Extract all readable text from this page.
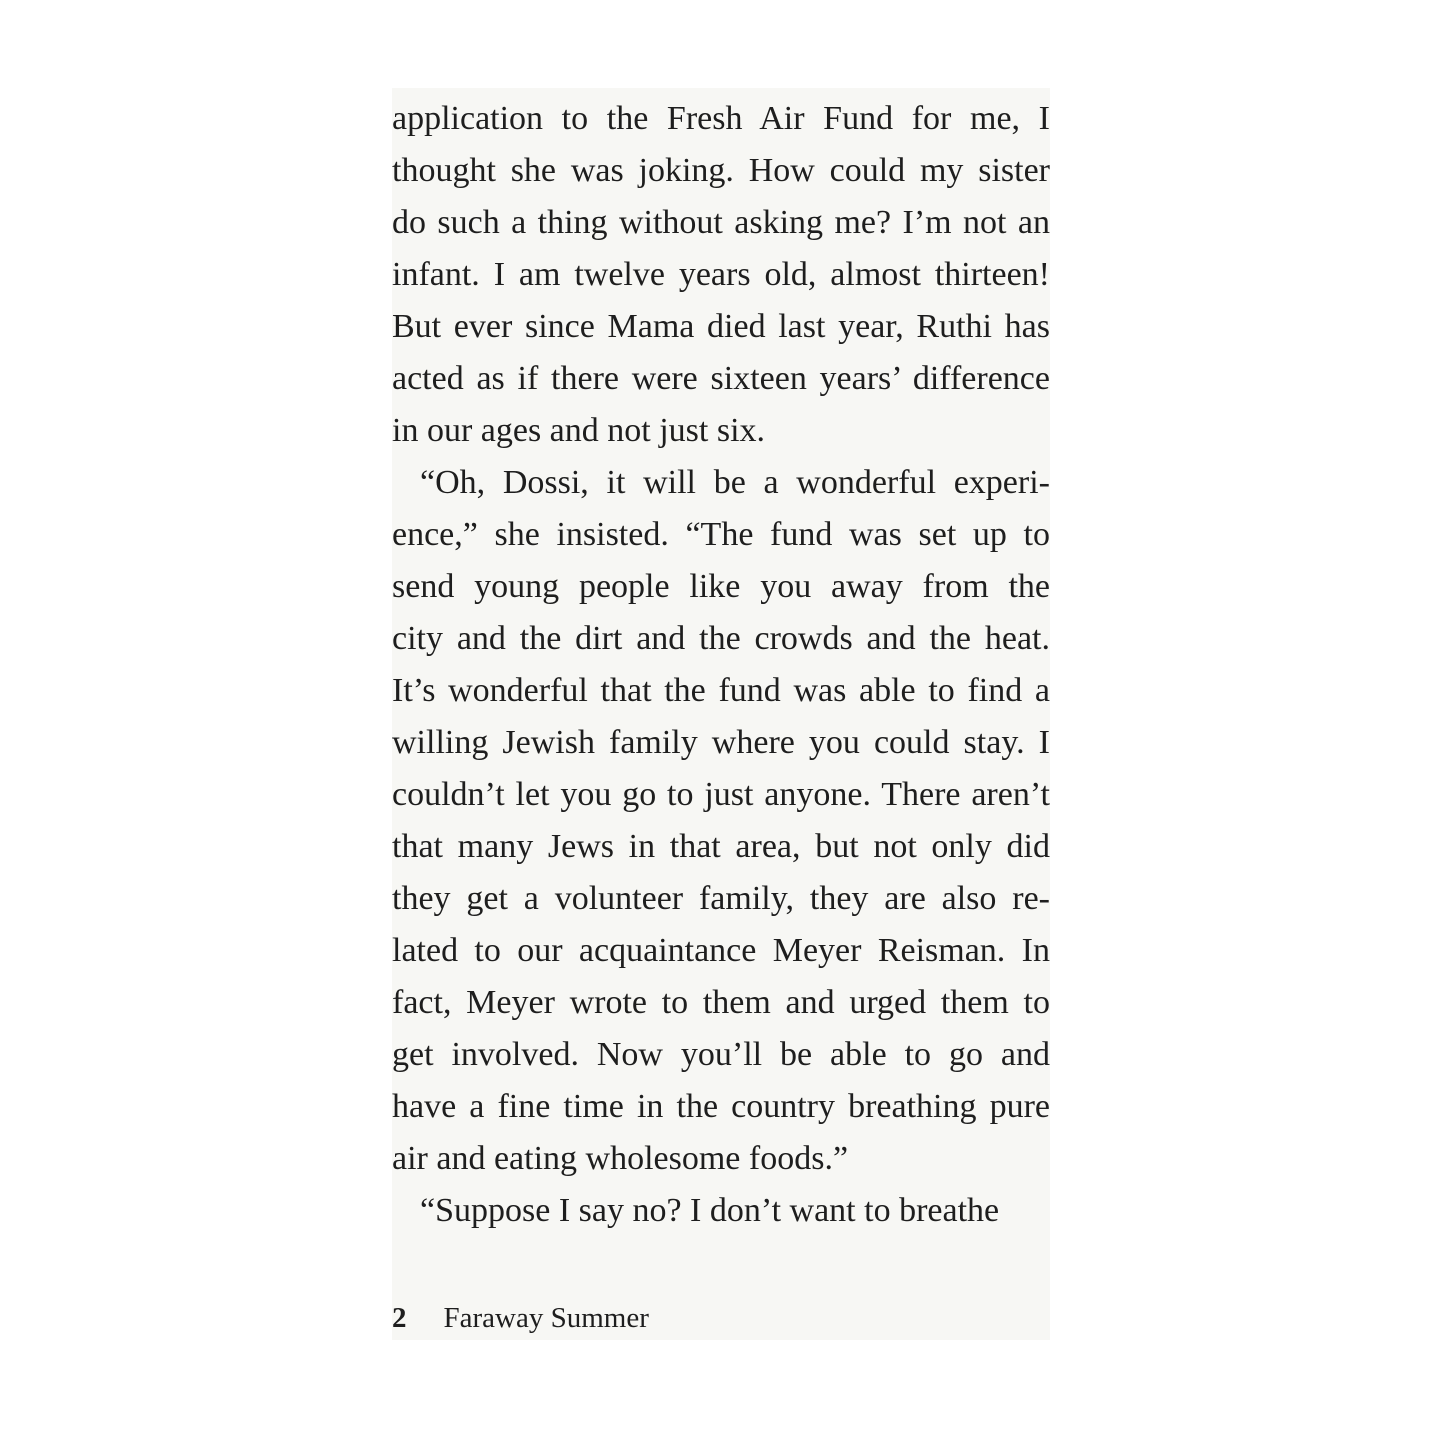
application to the Fresh Air Fund for me, I
thought she was joking. How could my sister
do such a thing without asking me? I’m not an
infant. I am twelve years old, almost thirteen!
But ever since Mama died last year, Ruthi has
acted as if there were sixteen years’ difference
in our ages and not just six.
“Oh, Dossi, it will be a wonderful experi-
ence,” she insisted. “The fund was set up to
send young people like you away from the
city and the dirt and the crowds and the heat.
It’s wonderful that the fund was able to find a
willing Jewish family where you could stay. I
couldn’t let you go to just anyone. There aren’t
that many Jews in that area, but not only did
they get a volunteer family, they are also re-
lated to our acquaintance Meyer Reisman. In
fact, Meyer wrote to them and urged them to
get involved. Now you’ll be able to go and
have a fine time in the country breathing pure
air and eating wholesome foods.”
“Suppose I say no? I don’t want to breathe
2 Faraway Summer
